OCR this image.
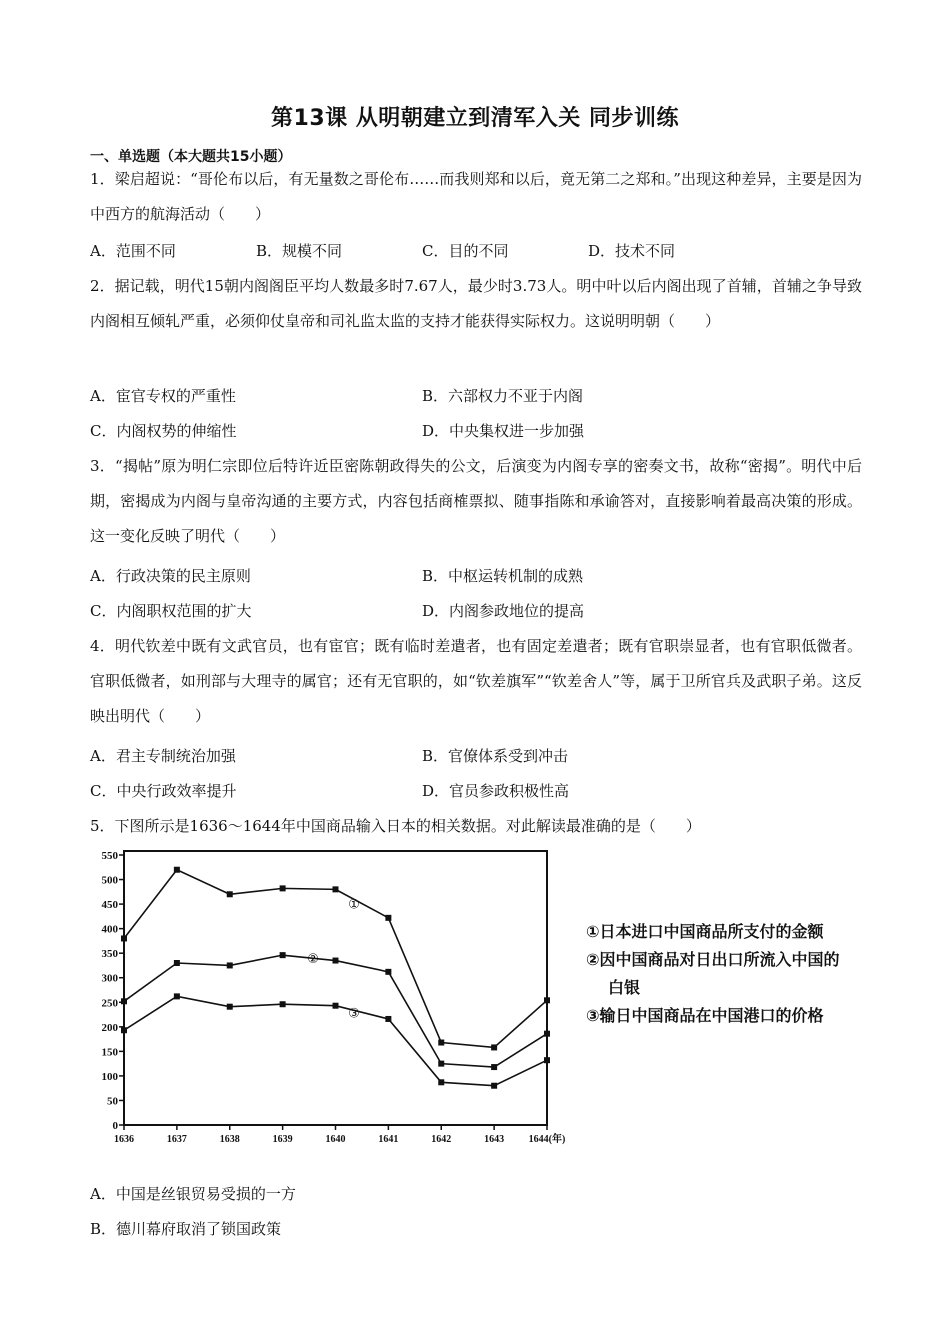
第13课 从明朝建立到清军入关 同步训练
一、单选题（本大题共15小题）

1．梁启超说：“哥伦布以后，有无量数之哥伦布……而我则郑和以后，竟无第二之郑和。”出现这种差异，主要是因为中西方的航海活动（　　）

A．范围不同	B．规模不同	C．目的不同	D．技术不同

2．据记载，明代15朝内阁阁臣平均人数最多时7.67人，最少时3.73人。明中叶以后内阁出现了首辅，首辅之争导致内阁相互倾轧严重，必须仰仗皇帝和司礼监太监的支持才能获得实际权力。这说明明朝（　　）

A．宦官专权的严重性	B．六部权力不亚于内阁
C．内阁权势的伸缩性	D．中央集权进一步加强

3．“揭帖”原为明仁宗即位后特许近臣密陈朝政得失的公文，后演变为内阁专享的密奏文书，故称“密揭”。明代中后期，密揭成为内阁与皇帝沟通的主要方式，内容包括商榷票拟、随事指陈和承谕答对，直接影响着最高决策的形成。这一变化反映了明代（　　）

A．行政决策的民主原则	B．中枢运转机制的成熟
C．内阁职权范围的扩大	D．内阁参政地位的提高

4．明代钦差中既有文武官员，也有宦官；既有临时差遣者，也有固定差遣者；既有官职崇显者，也有官职低微者。官职低微者，如刑部与大理寺的属官；还有无官职的，如“钦差旗军”“钦差舍人”等，属于卫所官兵及武职子弟。这反映出明代（　　）

A．君主专制统治加强	B．官僚体系受到冲击
C．中央行政效率提升	D．官员参政积极性高

5．下图所示是1636～1644年中国商品输入日本的相关数据。对此解读最准确的是（　　）

0
50
100
150
200
250
300
350
400
450
500
550
1636	1637	1638	1639	1640	1641	1642	1643 1644(年)
①
②
③
①日本进口中国商品所支付的金额
②因中国商品对日出口所流入中国的
白银
③输日中国商品在中国港口的价格
A．中国是丝银贸易受损的一方
B．德川幕府取消了锁国政策
